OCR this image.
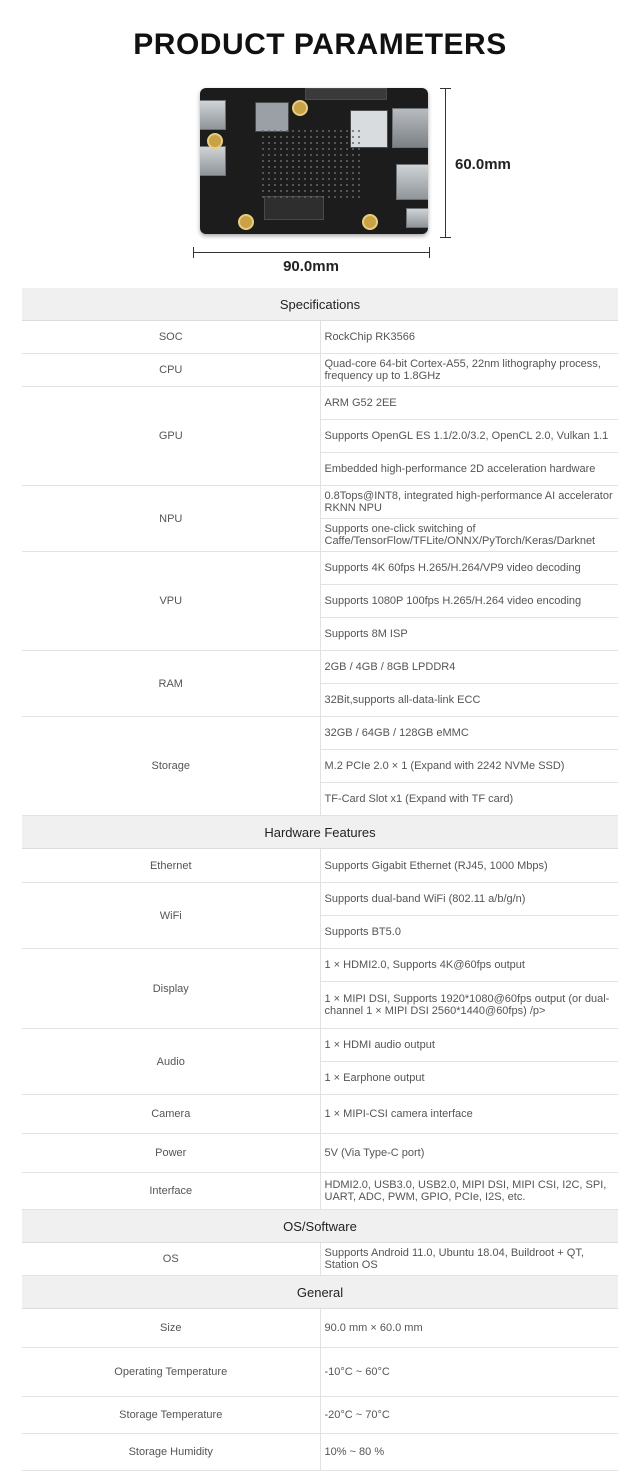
PRODUCT PARAMETERS
60.0mm
90.0mm
Specifications	
SOC	RockChip RK3566
CPU	Quad-core 64-bit Cortex-A55, 22nm lithography process, frequency up to 1.8GHz
GPU	ARM G52 2EE
	Supports OpenGL ES 1.1/2.0/3.2, OpenCL 2.0, Vulkan 1.1
	Embedded high-performance 2D acceleration hardware
NPU	0.8Tops@INT8, integrated high-performance AI accelerator RKNN NPU
	Supports one-click switching of Caffe/TensorFlow/TFLite/ONNX/PyTorch/Keras/Darknet
VPU	Supports 4K 60fps H.265/H.264/VP9 video decoding
	Supports 1080P 100fps H.265/H.264 video encoding
	Supports 8M ISP
RAM	2GB / 4GB / 8GB LPDDR4
	32Bit,supports all-data-link ECC
Storage	32GB / 64GB / 128GB eMMC
	M.2 PCIe 2.0 × 1 (Expand with 2242 NVMe SSD)
	TF-Card Slot x1 (Expand with TF card)
Hardware Features	
Ethernet	Supports Gigabit Ethernet (RJ45, 1000 Mbps)
WiFi	Supports dual-band WiFi (802.11 a/b/g/n)
	Supports BT5.0
Display	1 × HDMI2.0, Supports 4K@60fps output
	1 × MIPI DSI, Supports 1920*1080@60fps output (or dual-channel 1 × MIPI DSI 2560*1440@60fps) /p>
Audio	1 × HDMI audio output
	1 × Earphone output
Camera	1 × MIPI-CSI camera interface
Power	5V (Via Type-C port)
Interface	HDMI2.0, USB3.0, USB2.0, MIPI DSI, MIPI CSI, I2C, SPI, UART, ADC, PWM, GPIO, PCIe, I2S, etc.
OS/Software	
OS	Supports Android 11.0, Ubuntu 18.04, Buildroot + QT, Station OS
General	
Size	90.0 mm × 60.0 mm
Operating Temperature	-10°C ~ 60°C
Storage Temperature	-20°C ~ 70°C
Storage Humidity	10% ~ 80 %
